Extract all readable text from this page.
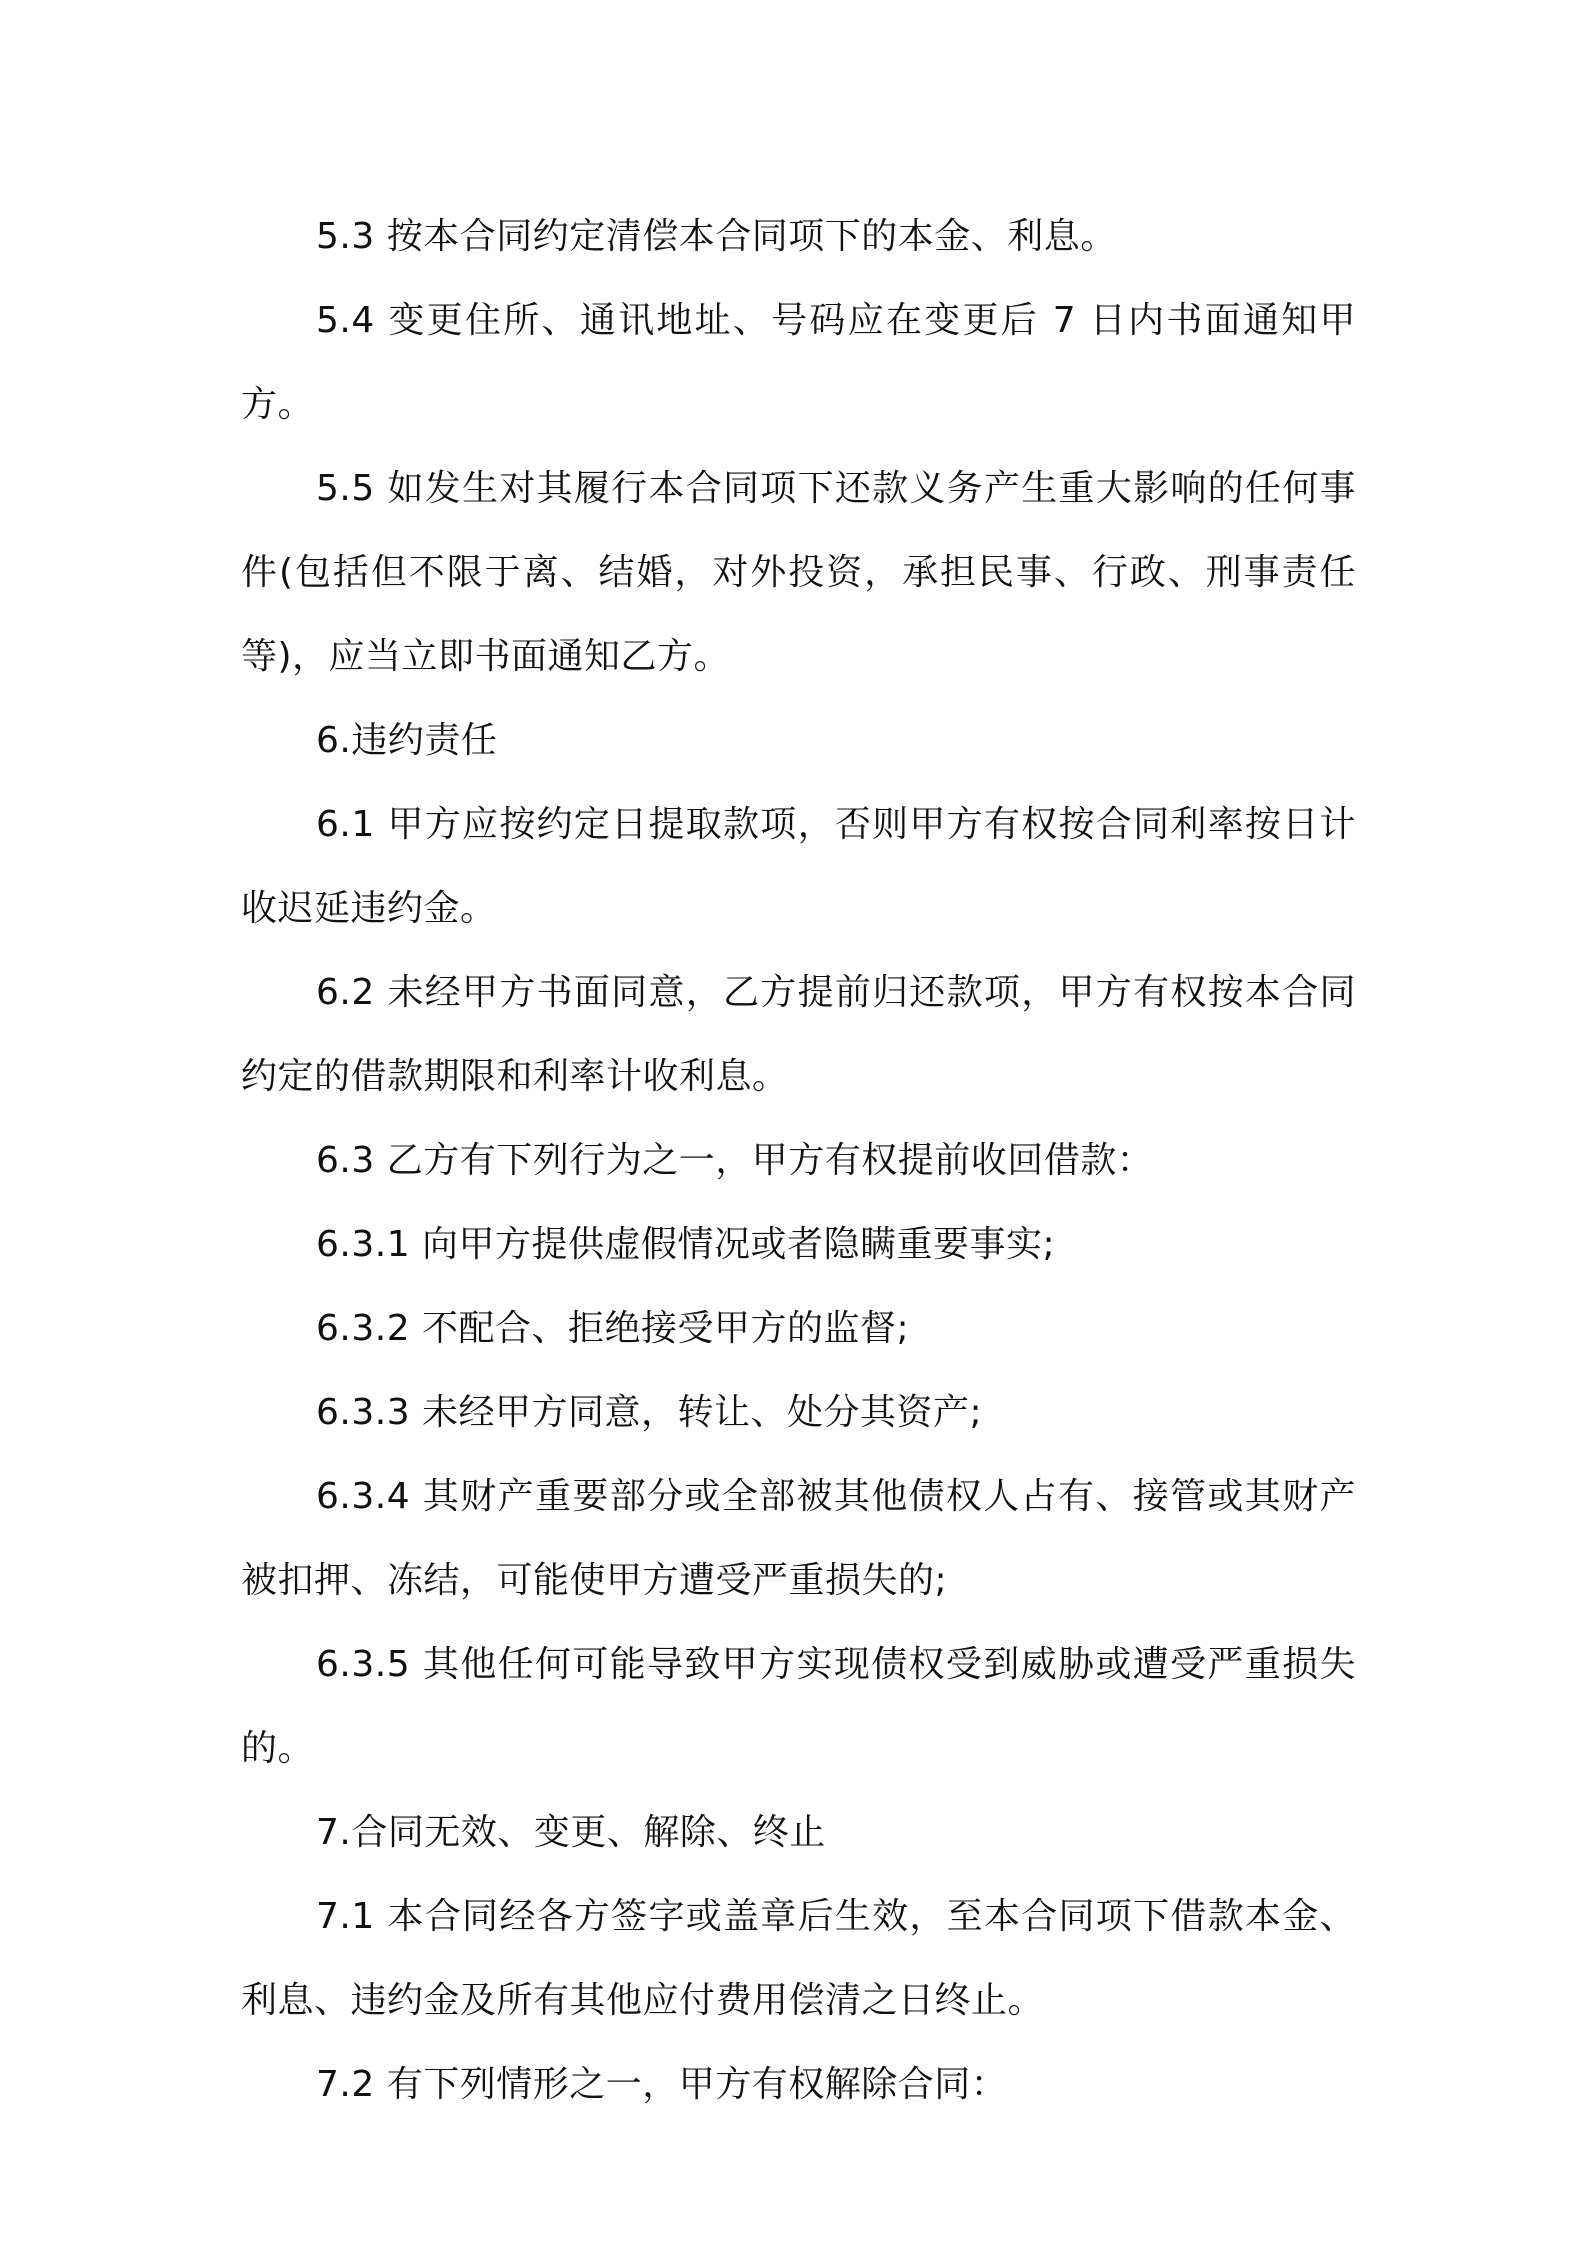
5.3 按本合同约定清偿本合同项下的本金、利息。

5.4 变更住所、通讯地址、号码应在变更后 7 日内书面通知甲方。

5.5 如发生对其履行本合同项下还款义务产生重大影响的任何事件(包括但不限于离、结婚，对外投资，承担民事、行政、刑事责任等)，应当立即书面通知乙方。

6.违约责任

6.1 甲方应按约定日提取款项，否则甲方有权按合同利率按日计收迟延违约金。

6.2 未经甲方书面同意，乙方提前归还款项，甲方有权按本合同约定的借款期限和利率计收利息。

6.3 乙方有下列行为之一，甲方有权提前收回借款：

6.3.1 向甲方提供虚假情况或者隐瞒重要事实;

6.3.2 不配合、拒绝接受甲方的监督;

6.3.3 未经甲方同意，转让、处分其资产;

6.3.4 其财产重要部分或全部被其他债权人占有、接管或其财产被扣押、冻结，可能使甲方遭受严重损失的;

6.3.5 其他任何可能导致甲方实现债权受到威胁或遭受严重损失的。

7.合同无效、变更、解除、终止

7.1 本合同经各方签字或盖章后生效，至本合同项下借款本金、利息、违约金及所有其他应付费用偿清之日终止。

7.2 有下列情形之一，甲方有权解除合同：
